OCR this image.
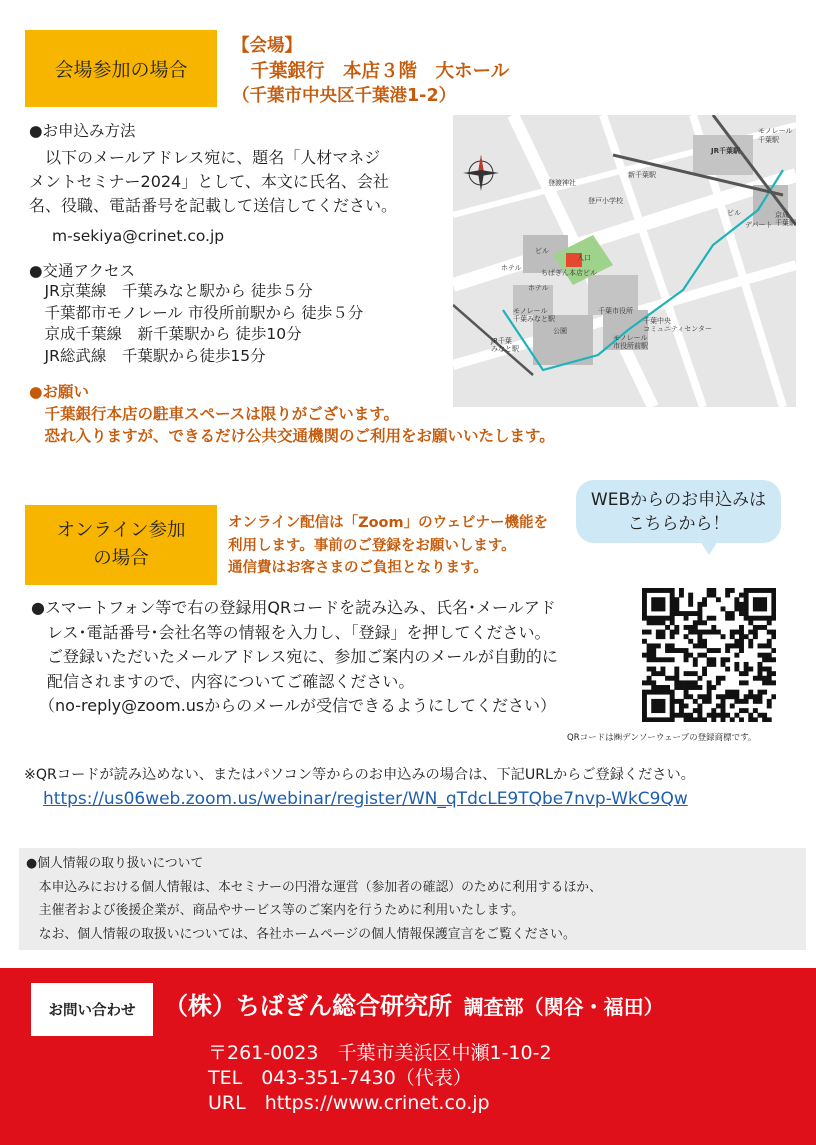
会場参加の場合
【会場】
　千葉銀行　本店３階　大ホール
（千葉市中央区千葉港1-2）
●お申込み方法
　以下のメールアドレス宛に、題名「人材マネジ
メントセミナー2024」として、本文に氏名、会社
名、役職、電話番号を記載して送信してください。
m-sekiya@crinet.co.jp
●交通アクセス
　JR京葉線　千葉みなと駅から 徒歩５分
　千葉都市モノレール 市役所前駅から 徒歩５分
　京成千葉線　新千葉駅から 徒歩10分
　JR総武線　千葉駅から徒歩15分
●お願い
　千葉銀行本店の駐車スペースは限りがございます。
　恐れ入りますが、できるだけ公共交通機関のご利用をお願いいたします。
JR千葉駅
モノレール
千葉駅
新千葉駅
京成
千葉駅
デパート
ビル
ビル
ホテル
ホテル
入口
ちばぎん本店ビル
千葉市役所
公園
千葉中央
コミュニティセンター
モノレール
市役所前駅
モノレール
千葉みなと駅
JR千葉
みなと駅
登渡神社
登戸小学校
オンライン参加
の場合
オンライン配信は「Zoom」のウェビナー機能を
利用します。事前のご登録をお願いします。
通信費はお客さまのご負担となります。
WEBからのお申込みは
こちらから！
●スマートフォン等で右の登録用QRコードを読み込み、氏名･メールアド
　レス･電話番号･会社名等の情報を入力し、「登録」を押してください。
　ご登録いただいたメールアドレス宛に、参加ご案内のメールが自動的に
　配信されますので、内容についてご確認ください。
　（no-reply@zoom.usからのメールが受信できるようにしてください）
QRコードは㈱デンソーウェーブの登録商標です。
※QRコードが読み込めない、またはパソコン等からのお申込みの場合は、下記URLからご登録ください。
https://us06web.zoom.us/webinar/register/WN_qTdcLE9TQbe7nvp-WkC9Qw
●個人情報の取り扱いについて
　本申込みにおける個人情報は、本セミナーの円滑な運営（参加者の確認）のために利用するほか、
　主催者および後援企業が、商品やサービス等のご案内を行うために利用いたします。
　なお、個人情報の取扱いについては、各社ホームページの個人情報保護宣言をご覧ください。
お問い合わせ （株）ちばぎん総合研究所 調査部（関谷・福田）
〒261-0023　千葉市美浜区中瀬1-10-2
TEL　043-351-7430（代表）
URL　https://www.crinet.co.jp
